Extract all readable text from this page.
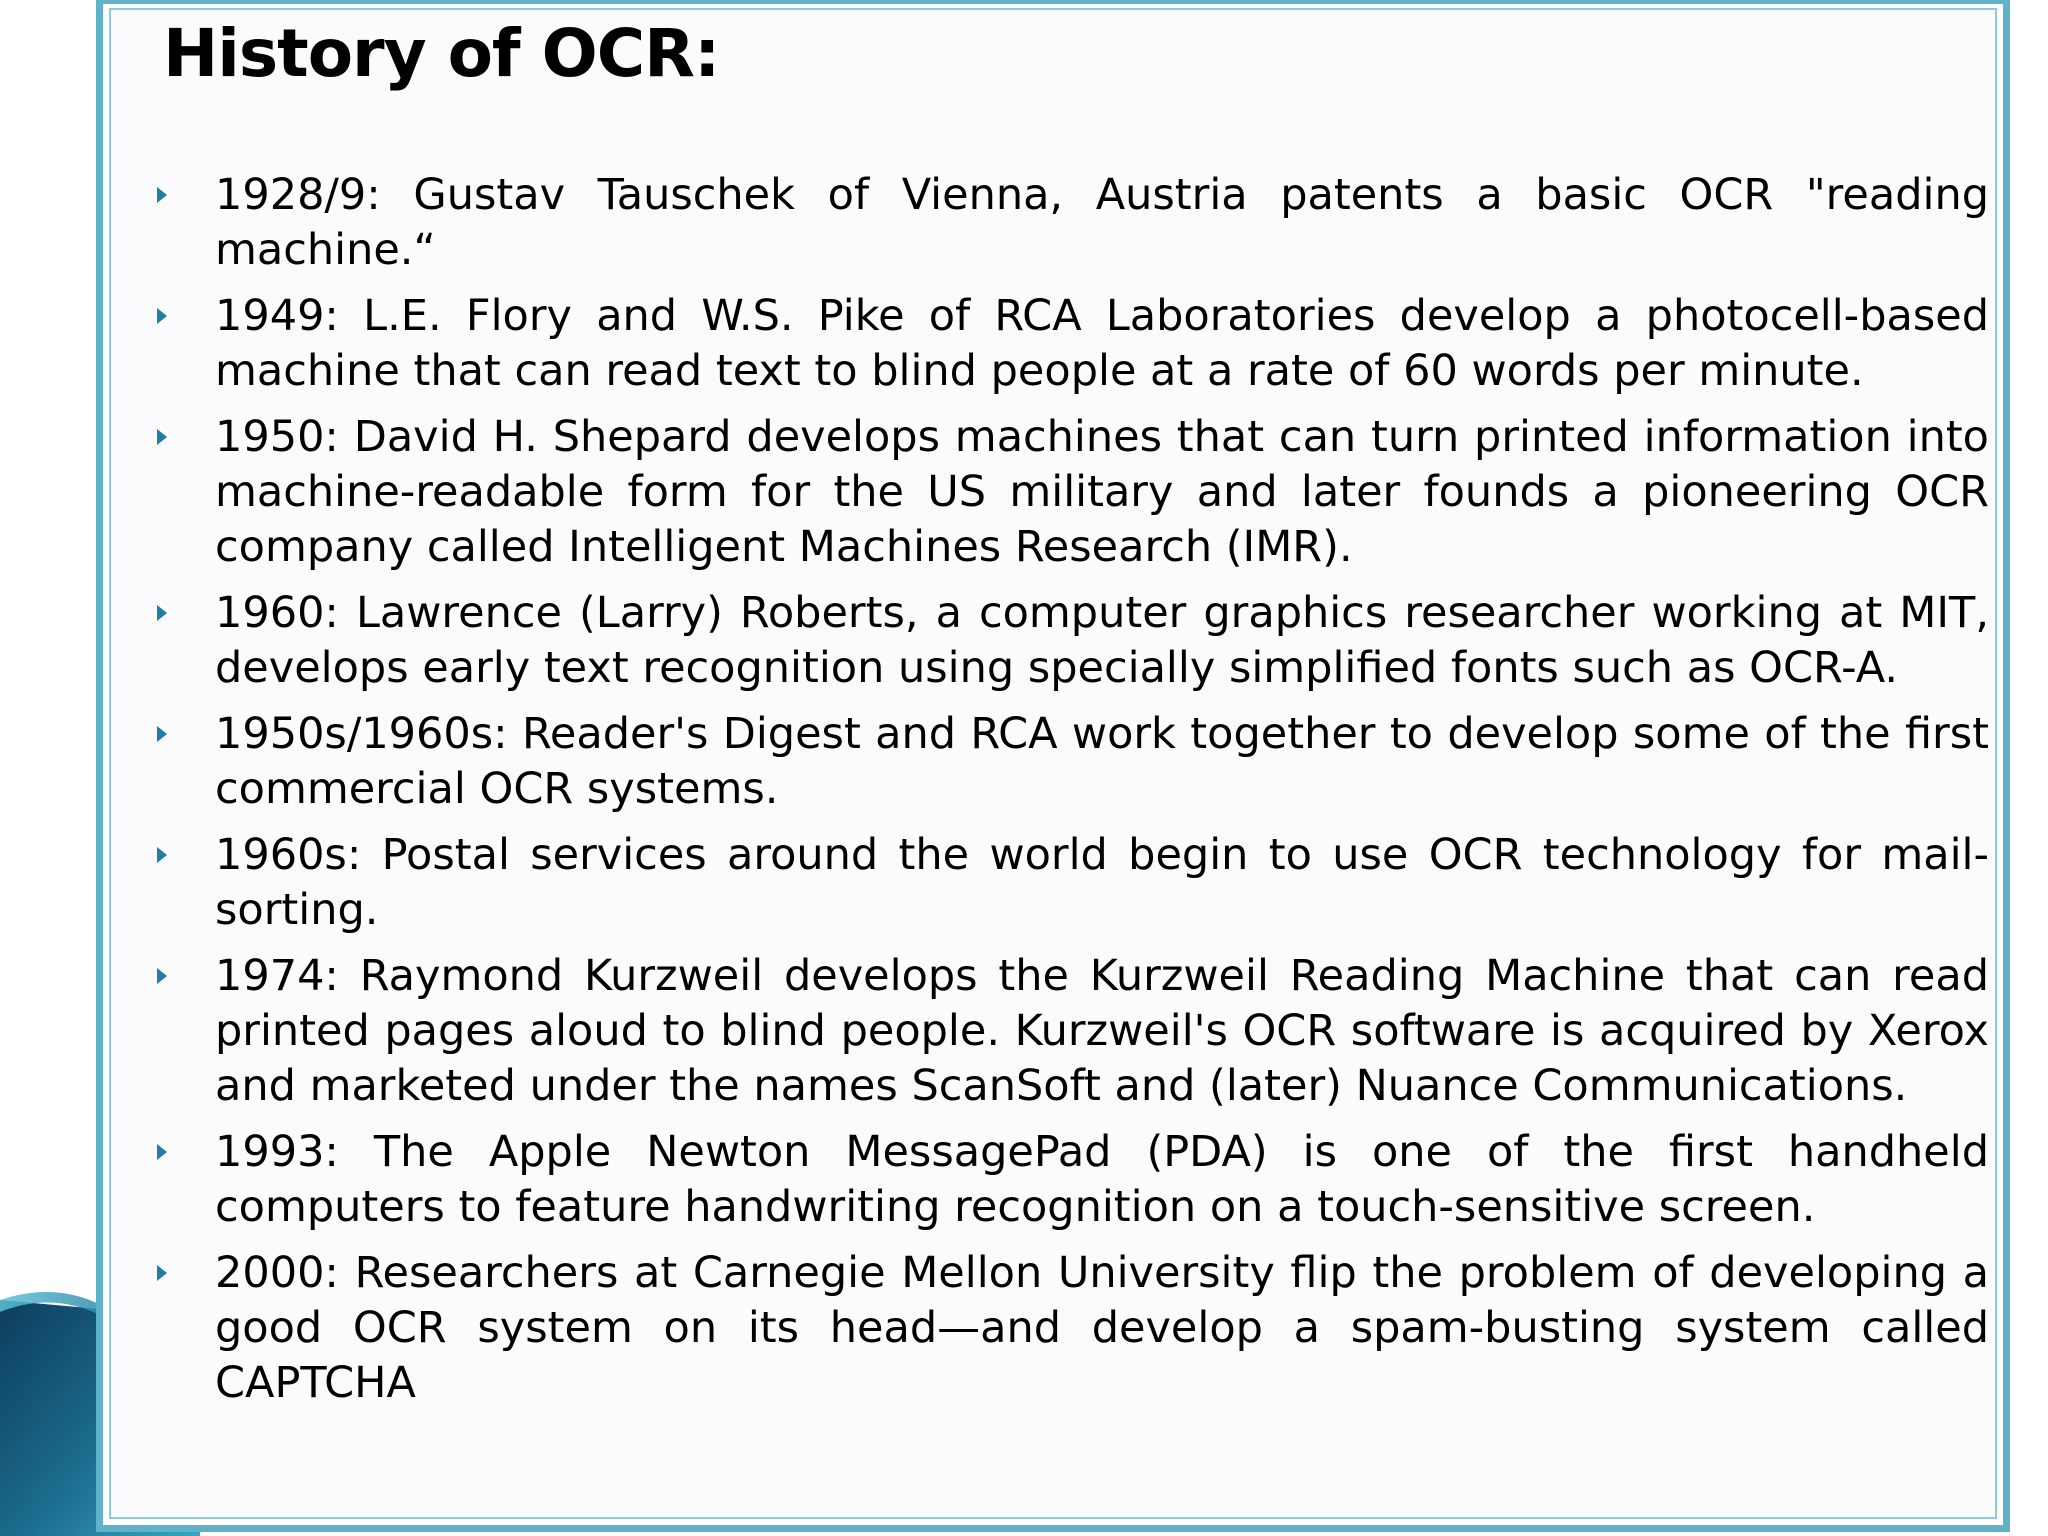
History of OCR:
1928/9: Gustav Tauschek of Vienna, Austria patents a basic OCR "reading machine.“
1949: L.E. Flory and W.S. Pike of RCA Laboratories develop a photocell-based machine that can read text to blind people at a rate of 60 words per minute.
1950: David H. Shepard develops machines that can turn printed information into machine-readable form for the US military and later founds a pioneering OCR company called Intelligent Machines Research (IMR).
1960: Lawrence (Larry) Roberts, a computer graphics researcher working at MIT, develops early text recognition using specially simplified fonts such as OCR-A.
1950s/1960s: Reader's Digest and RCA work together to develop some of the first commercial OCR systems.
1960s: Postal services around the world begin to use OCR technology for mail-sorting.
1974: Raymond Kurzweil develops the Kurzweil Reading Machine that can read printed pages aloud to blind people. Kurzweil's OCR software is acquired by Xerox and marketed under the names ScanSoft and (later) Nuance Communications.
1993: The Apple Newton MessagePad (PDA) is one of the first handheld computers to feature handwriting recognition on a touch-sensitive screen.
2000: Researchers at Carnegie Mellon University flip the problem of developing a good OCR system on its head—and develop a spam-busting system called CAPTCHA
